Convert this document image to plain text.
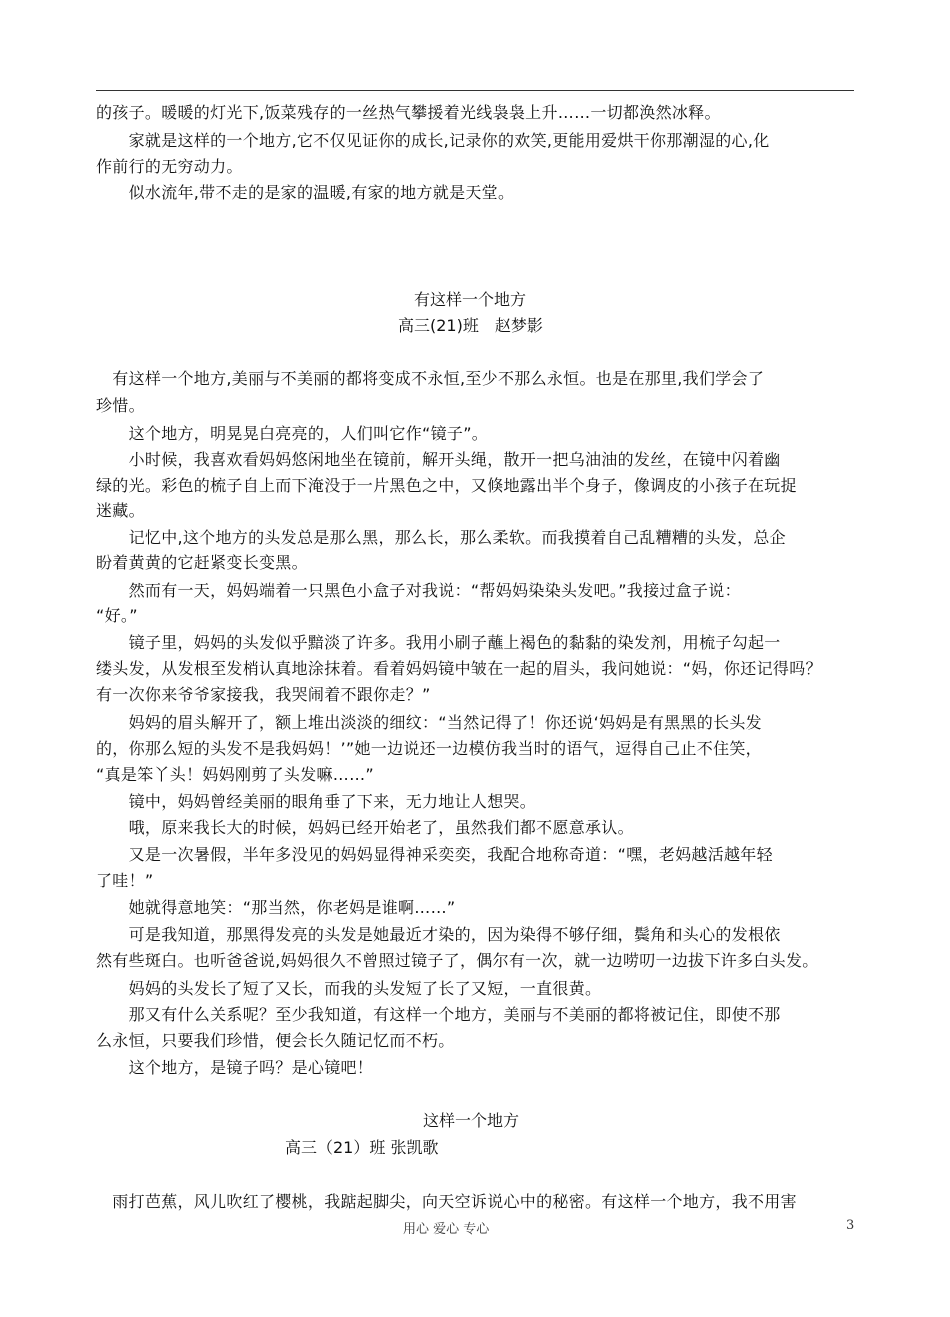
的孩子。暖暖的灯光下,饭菜残存的一丝热气攀援着光线袅袅上升……一切都涣然冰释。
　　家就是这样的一个地方,它不仅见证你的成长,记录你的欢笑,更能用爱烘干你那潮湿的心,化
作前行的无穷动力。
　　似水流年,带不走的是家的温暖,有家的地方就是天堂。
有这样一个地方
高三(21)班　赵梦影
　有这样一个地方,美丽与不美丽的都将变成不永恒,至少不那么永恒。也是在那里,我们学会了
珍惜。
　　这个地方，明晃晃白亮亮的，人们叫它作“镜子”。
　　小时候，我喜欢看妈妈悠闲地坐在镜前，解开头绳，散开一把乌油油的发丝，在镜中闪着幽
绿的光。彩色的梳子自上而下淹没于一片黑色之中，又倏地露出半个身子，像调皮的小孩子在玩捉
迷藏。
　　记忆中,这个地方的头发总是那么黑，那么长，那么柔软。而我摸着自己乱糟糟的头发，总企
盼着黄黄的它赶紧变长变黑。
　　然而有一天，妈妈端着一只黑色小盒子对我说：“帮妈妈染染头发吧。”我接过盒子说：
“好。”
　　镜子里，妈妈的头发似乎黯淡了许多。我用小刷子蘸上褐色的黏黏的染发剂，用梳子勾起一
缕头发，从发根至发梢认真地涂抹着。看着妈妈镜中皱在一起的眉头，我问她说：“妈，你还记得吗？
有一次你来爷爷家接我，我哭闹着不跟你走？”
　　妈妈的眉头解开了，额上堆出淡淡的细纹：“当然记得了！你还说‘妈妈是有黑黑的长头发
的，你那么短的头发不是我妈妈！’”她一边说还一边模仿我当时的语气，逗得自己止不住笑，
“真是笨丫头！妈妈刚剪了头发嘛……”
　　镜中，妈妈曾经美丽的眼角垂了下来，无力地让人想哭。
　　哦，原来我长大的时候，妈妈已经开始老了，虽然我们都不愿意承认。
　　又是一次暑假，半年多没见的妈妈显得神采奕奕，我配合地称奇道：“嘿，老妈越活越年轻
了哇！”
　　她就得意地笑：“那当然，你老妈是谁啊……”
　　可是我知道，那黑得发亮的头发是她最近才染的，因为染得不够仔细，鬓角和头心的发根依
然有些斑白。也听爸爸说,妈妈很久不曾照过镜子了，偶尔有一次，就一边唠叨一边拔下许多白头发。
　　妈妈的头发长了短了又长，而我的头发短了长了又短，一直很黄。
　　那又有什么关系呢？至少我知道，有这样一个地方，美丽与不美丽的都将被记住，即使不那
么永恒，只要我们珍惜，便会长久随记忆而不朽。
　　这个地方，是镜子吗？是心镜吧！
这样一个地方
高三（21）班 张凯歌
　雨打芭蕉，风儿吹红了樱桃，我踮起脚尖，向天空诉说心中的秘密。有这样一个地方，我不用害
用心 爱心 专心	3
